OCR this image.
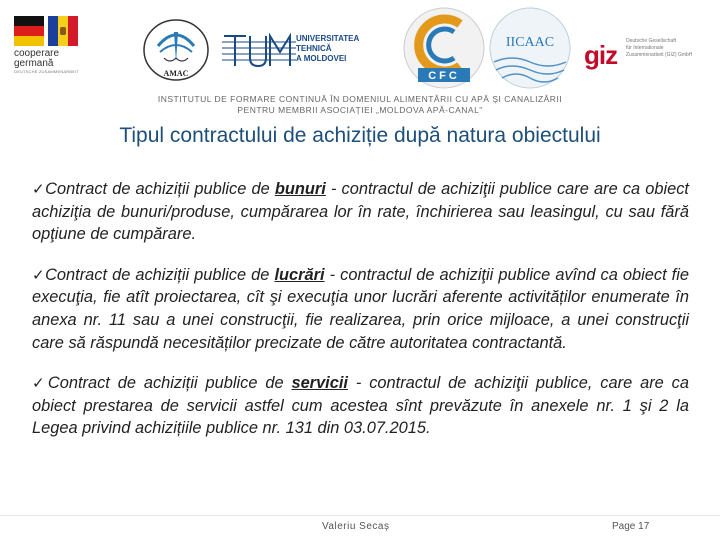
cooperare
germană
DEUTSCHE ZUSAMMENARBEIT	AMAC
UNIVERSITATEA TEHNICĂ
A MOLDOVEI
CFC
IICAAC giz Deutsche Gesellschaft
für Internationale
Zusammenarbeit (GIZ) GmbH
INSTITUTUL DE FORMARE CONTINUĂ ÎN DOMENIUL ALIMENTĂRII CU APĂ ȘI CANALIZĂRII
PENTRU MEMBRII ASOCIAȚIEI „MOLDOVA APĂ-CANAL”
Tipul contractului de achiziție după natura obiectului

✓Contract de achiziții publice de bunuri - contractul de achiziţii publice care are ca obiect achiziţia de bunuri/produse, cumpărarea lor în rate, închirierea sau leasingul, cu sau fără opţiune de cumpărare.

✓Contract de achiziții publice de lucrări - contractul de achiziţii publice avînd ca obiect fie execuţia, fie atît proiectarea, cît şi execuţia unor lucrări aferente activităților enumerate în anexa nr. 11 sau a unei construcţii, fie realizarea, prin orice mijloace, a unei construcţii care să răspundă necesităților precizate de către autoritatea contractantă.

✓Contract de achiziții publice de servicii - contractul de achiziţii publice, care are ca obiect prestarea de servicii astfel cum acestea sînt prevăzute în anexele nr. 1 şi 2 la Legea privind achizițiile publice nr. 131 din 03.07.2015.

Valeriu Secaș	Page 17
